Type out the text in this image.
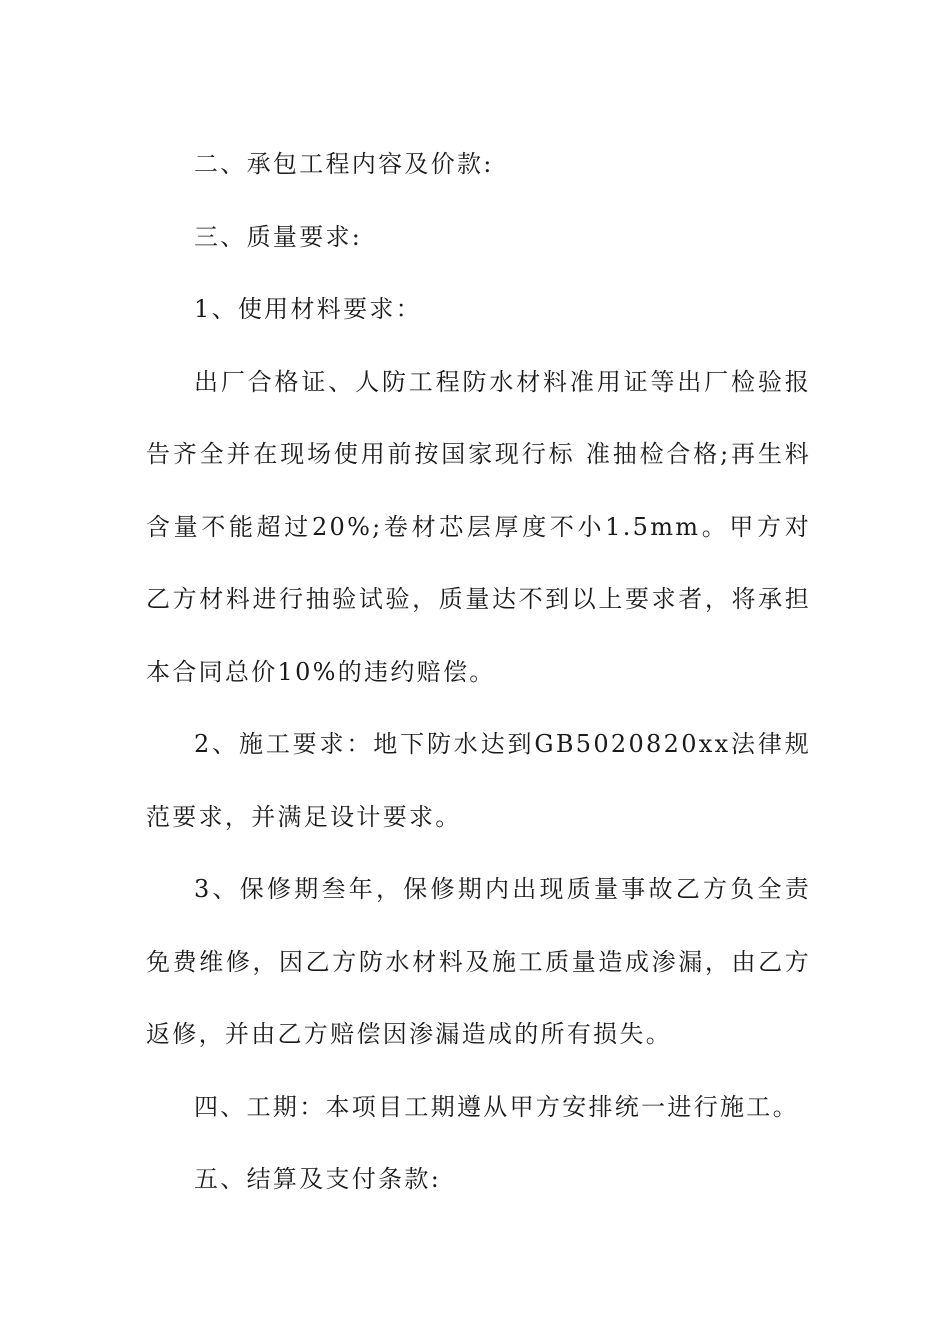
二、承包工程内容及价款:

三、质量要求:

1、使用材料要求：

出厂合格证、人防工程防水材料准用证等出厂检验报告齐全并在现场使用前按国家现行标 准抽检合格;再生料含量不能超过20%;卷材芯层厚度不小1.5mm。甲方对乙方材料进行抽验试验，质量达不到以上要求者，将承担本合同总价10%的违约赔偿。

2、施工要求：地下防水达到GB5020820xx法律规范要求，并满足设计要求。

3、保修期叁年，保修期内出现质量事故乙方负全责免费维修，因乙方防水材料及施工质量造成渗漏，由乙方返修，并由乙方赔偿因渗漏造成的所有损失。

四、工期：本项目工期遵从甲方安排统一进行施工。

五、结算及支付条款:
